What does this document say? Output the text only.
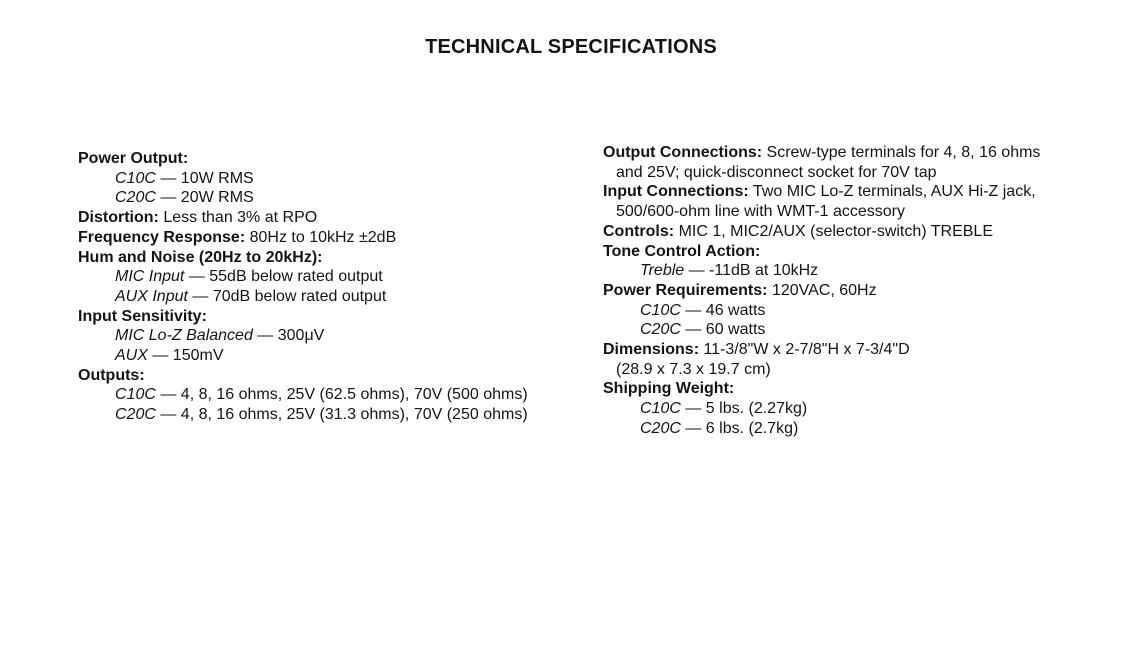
TECHNICAL SPECIFICATIONS
Power Output:
C10C — 10W RMS
C20C — 20W RMS
Distortion: Less than 3% at RPO
Frequency Response: 80Hz to 10kHz ±2dB
Hum and Noise (20Hz to 20kHz):
MIC Input — 55dB below rated output
AUX Input — 70dB below rated output
Input Sensitivity:
MIC Lo-Z Balanced — 300μV
AUX — 150mV
Outputs:
C10C — 4, 8, 16 ohms, 25V (62.5 ohms), 70V (500 ohms)
C20C — 4, 8, 16 ohms, 25V (31.3 ohms), 70V (250 ohms)
Output Connections: Screw-type terminals for 4, 8, 16 ohms and 25V; quick-disconnect socket for 70V tap
Input Connections: Two MIC Lo-Z terminals, AUX Hi-Z jack, 500/600-ohm line with WMT-1 accessory
Controls: MIC 1, MIC2/AUX (selector-switch) TREBLE
Tone Control Action:
Treble — -11dB at 10kHz
Power Requirements: 120VAC, 60Hz
C10C — 46 watts
C20C — 60 watts
Dimensions: 11-3/8"W x 2-7/8"H x 7-3/4"D
(28.9 x 7.3 x 19.7 cm)
Shipping Weight:
C10C — 5 lbs. (2.27kg)
C20C — 6 lbs. (2.7kg)
